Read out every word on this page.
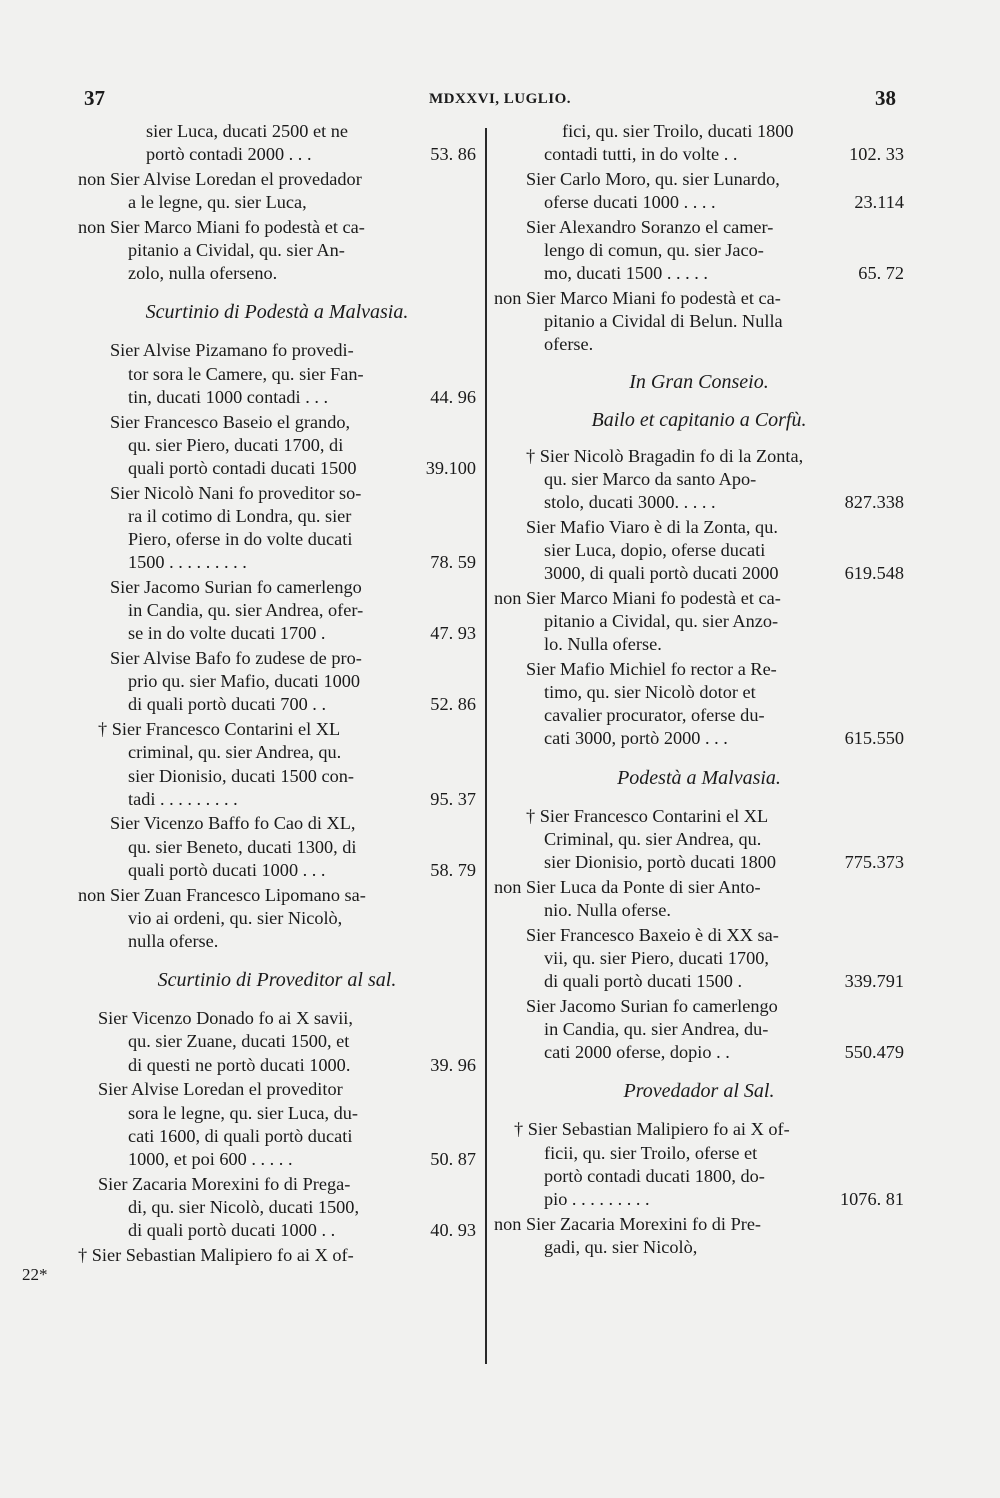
37	MDXXVI, LUGLIO.	38
22*
sier Luca, ducati 2500 et ne
portò contadi 2000 . . .	53. 86
non Sier Alvise Loredan el provedador
a le legne, qu. sier Luca,
non Sier Marco Miani fo podestà et ca-
pitanio a Cividal, qu. sier An-
zolo, nulla oferseno.
Scurtinio di Podestà a Malvasia.
Sier Alvise Pizamano fo provedi-
tor sora le Camere, qu. sier Fan-
tin, ducati 1000 contadi . . .	44. 96
Sier Francesco Baseio el grando,
qu. sier Piero, ducati 1700, di
quali portò contadi ducati 1500	39.100
Sier Nicolò Nani fo proveditor so-
ra il cotimo di Londra, qu. sier
Piero, oferse in do volte ducati
1500 . . . . . . . . .	78. 59
Sier Jacomo Surian fo camerlengo
in Candia, qu. sier Andrea, ofer-
se in do volte ducati 1700 .	47. 93
Sier Alvise Bafo fo zudese de pro-
prio qu. sier Mafio, ducati 1000
di quali portò ducati 700 . .	52. 86
† Sier Francesco Contarini el XL
criminal, qu. sier Andrea, qu.
sier Dionisio, ducati 1500 con-
tadi . . . . . . . . .	95. 37
Sier Vicenzo Baffo fo Cao di XL,
qu. sier Beneto, ducati 1300, di
quali portò ducati 1000 . . .	58. 79
non Sier Zuan Francesco Lipomano sa-
vio ai ordeni, qu. sier Nicolò,
nulla oferse.
Scurtinio di Proveditor al sal.
Sier Vicenzo Donado fo ai X savii,
qu. sier Zuane, ducati 1500, et
di questi ne portò ducati 1000.	39. 96
Sier Alvise Loredan el proveditor
sora le legne, qu. sier Luca, du-
cati 1600, di quali portò ducati
1000, et poi 600 . . . . .	50. 87
Sier Zacaria Morexini fo di Prega-
di, qu. sier Nicolò, ducati 1500,
di quali portò ducati 1000 . .	40. 93
† Sier Sebastian Malipiero fo ai X of-
fici, qu. sier Troilo, ducati 1800
contadi tutti, in do volte . .	102. 33
Sier Carlo Moro, qu. sier Lunardo,
oferse ducati 1000 . . . .	23.114
Sier Alexandro Soranzo el camer-
lengo di comun, qu. sier Jaco-
mo, ducati 1500 . . . . .	65. 72
non Sier Marco Miani fo podestà et ca-
pitanio a Cividal di Belun. Nulla
oferse.
In Gran Conseio.
Bailo et capitanio a Corfù.
† Sier Nicolò Bragadin fo di la Zonta,
qu. sier Marco da santo Apo-
stolo, ducati 3000. . . . .	827.338
Sier Mafio Viaro è di la Zonta, qu.
sier Luca, dopio, oferse ducati
3000, di quali portò ducati 2000	619.548
non Sier Marco Miani fo podestà et ca-
pitanio a Cividal, qu. sier Anzo-
lo. Nulla oferse.
Sier Mafio Michiel fo rector a Re-
timo, qu. sier Nicolò dotor et
cavalier procurator, oferse du-
cati 3000, portò 2000 . . .	615.550
Podestà a Malvasia.
† Sier Francesco Contarini el XL
Criminal, qu. sier Andrea, qu.
sier Dionisio, portò ducati 1800	775.373
non Sier Luca da Ponte di sier Anto-
nio. Nulla oferse.
Sier Francesco Baxeio è di XX sa-
vii, qu. sier Piero, ducati 1700,
di quali portò ducati 1500 .	339.791
Sier Jacomo Surian fo camerlengo
in Candia, qu. sier Andrea, du-
cati 2000 oferse, dopio . .	550.479
Provedador al Sal.
† Sier Sebastian Malipiero fo ai X of-
ficii, qu. sier Troilo, oferse et
portò contadi ducati 1800, do-
pio . . . . . . . . .	1076. 81
non Sier Zacaria Morexini fo di Pre-
gadi, qu. sier Nicolò,
